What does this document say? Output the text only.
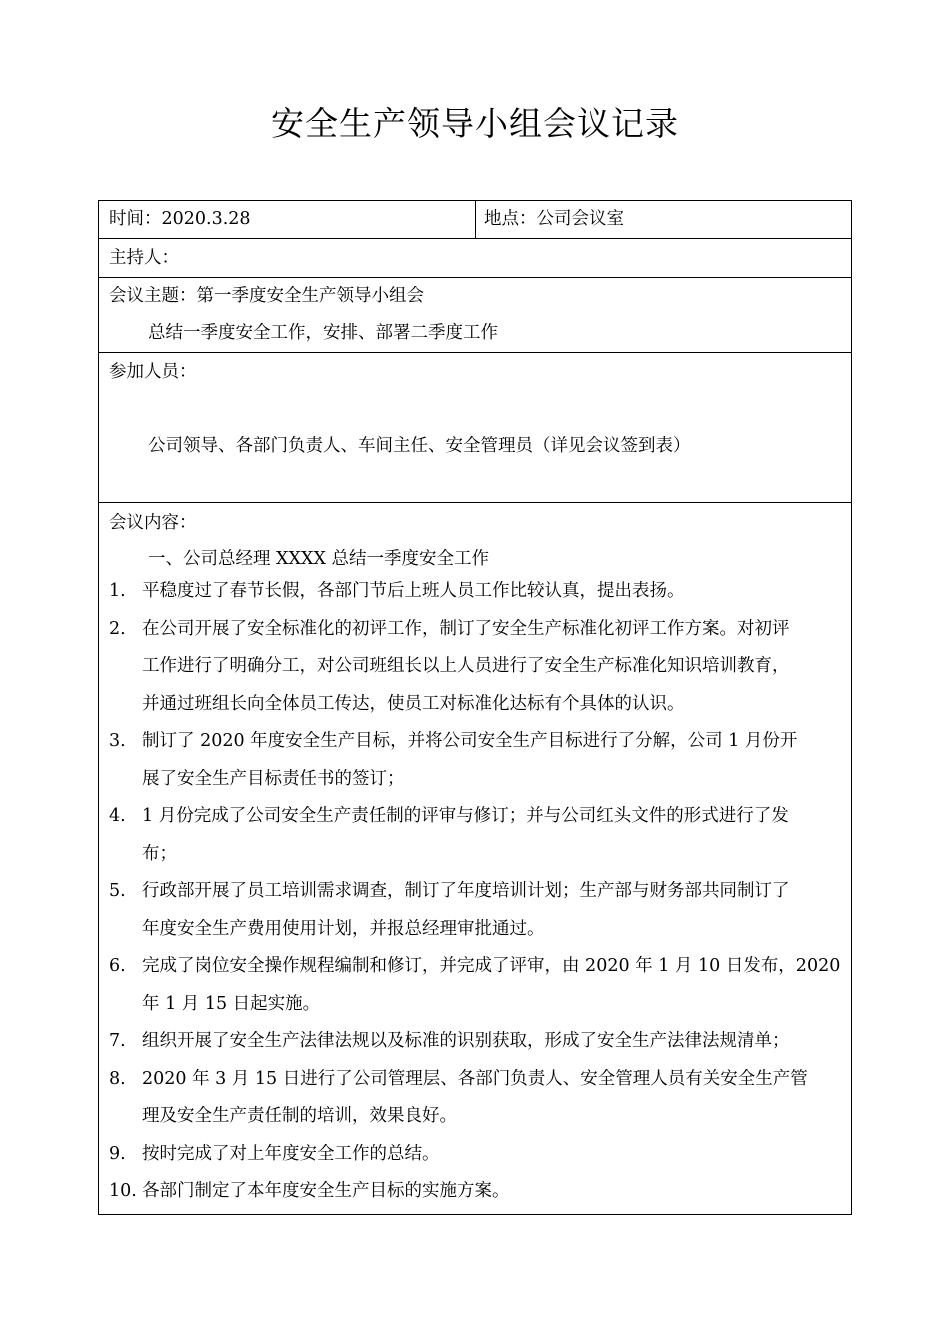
安全生产领导小组会议记录
时间：2020.3.28	地点：公司会议室
主持人：
会议主题：第一季度安全生产领导小组会
总结一季度安全工作，安排、部署二季度工作
参加人员：
公司领导、各部门负责人、车间主任、安全管理员（详见会议签到表）
会议内容：
一、公司总经理 XXXX 总结一季度安全工作
1. 平稳度过了春节长假，各部门节后上班人员工作比较认真，提出表扬。
2. 在公司开展了安全标准化的初评工作，制订了安全生产标准化初评工作方案。对初评
工作进行了明确分工，对公司班组长以上人员进行了安全生产标准化知识培训教育，
并通过班组长向全体员工传达，使员工对标准化达标有个具体的认识。
3. 制订了 2020 年度安全生产目标，并将公司安全生产目标进行了分解，公司 1 月份开
展了安全生产目标责任书的签订；
4. 1 月份完成了公司安全生产责任制的评审与修订；并与公司红头文件的形式进行了发
布；
5. 行政部开展了员工培训需求调查，制订了年度培训计划；生产部与财务部共同制订了
年度安全生产费用使用计划，并报总经理审批通过。
6. 完成了岗位安全操作规程编制和修订，并完成了评审，由 2020 年 1 月 10 日发布，2020
年 1 月 15 日起实施。
7. 组织开展了安全生产法律法规以及标准的识别获取，形成了安全生产法律法规清单；
8. 2020 年 3 月 15 日进行了公司管理层、各部门负责人、安全管理人员有关安全生产管
理及安全生产责任制的培训，效果良好。
9. 按时完成了对上年度安全工作的总结。
10. 各部门制定了本年度安全生产目标的实施方案。
